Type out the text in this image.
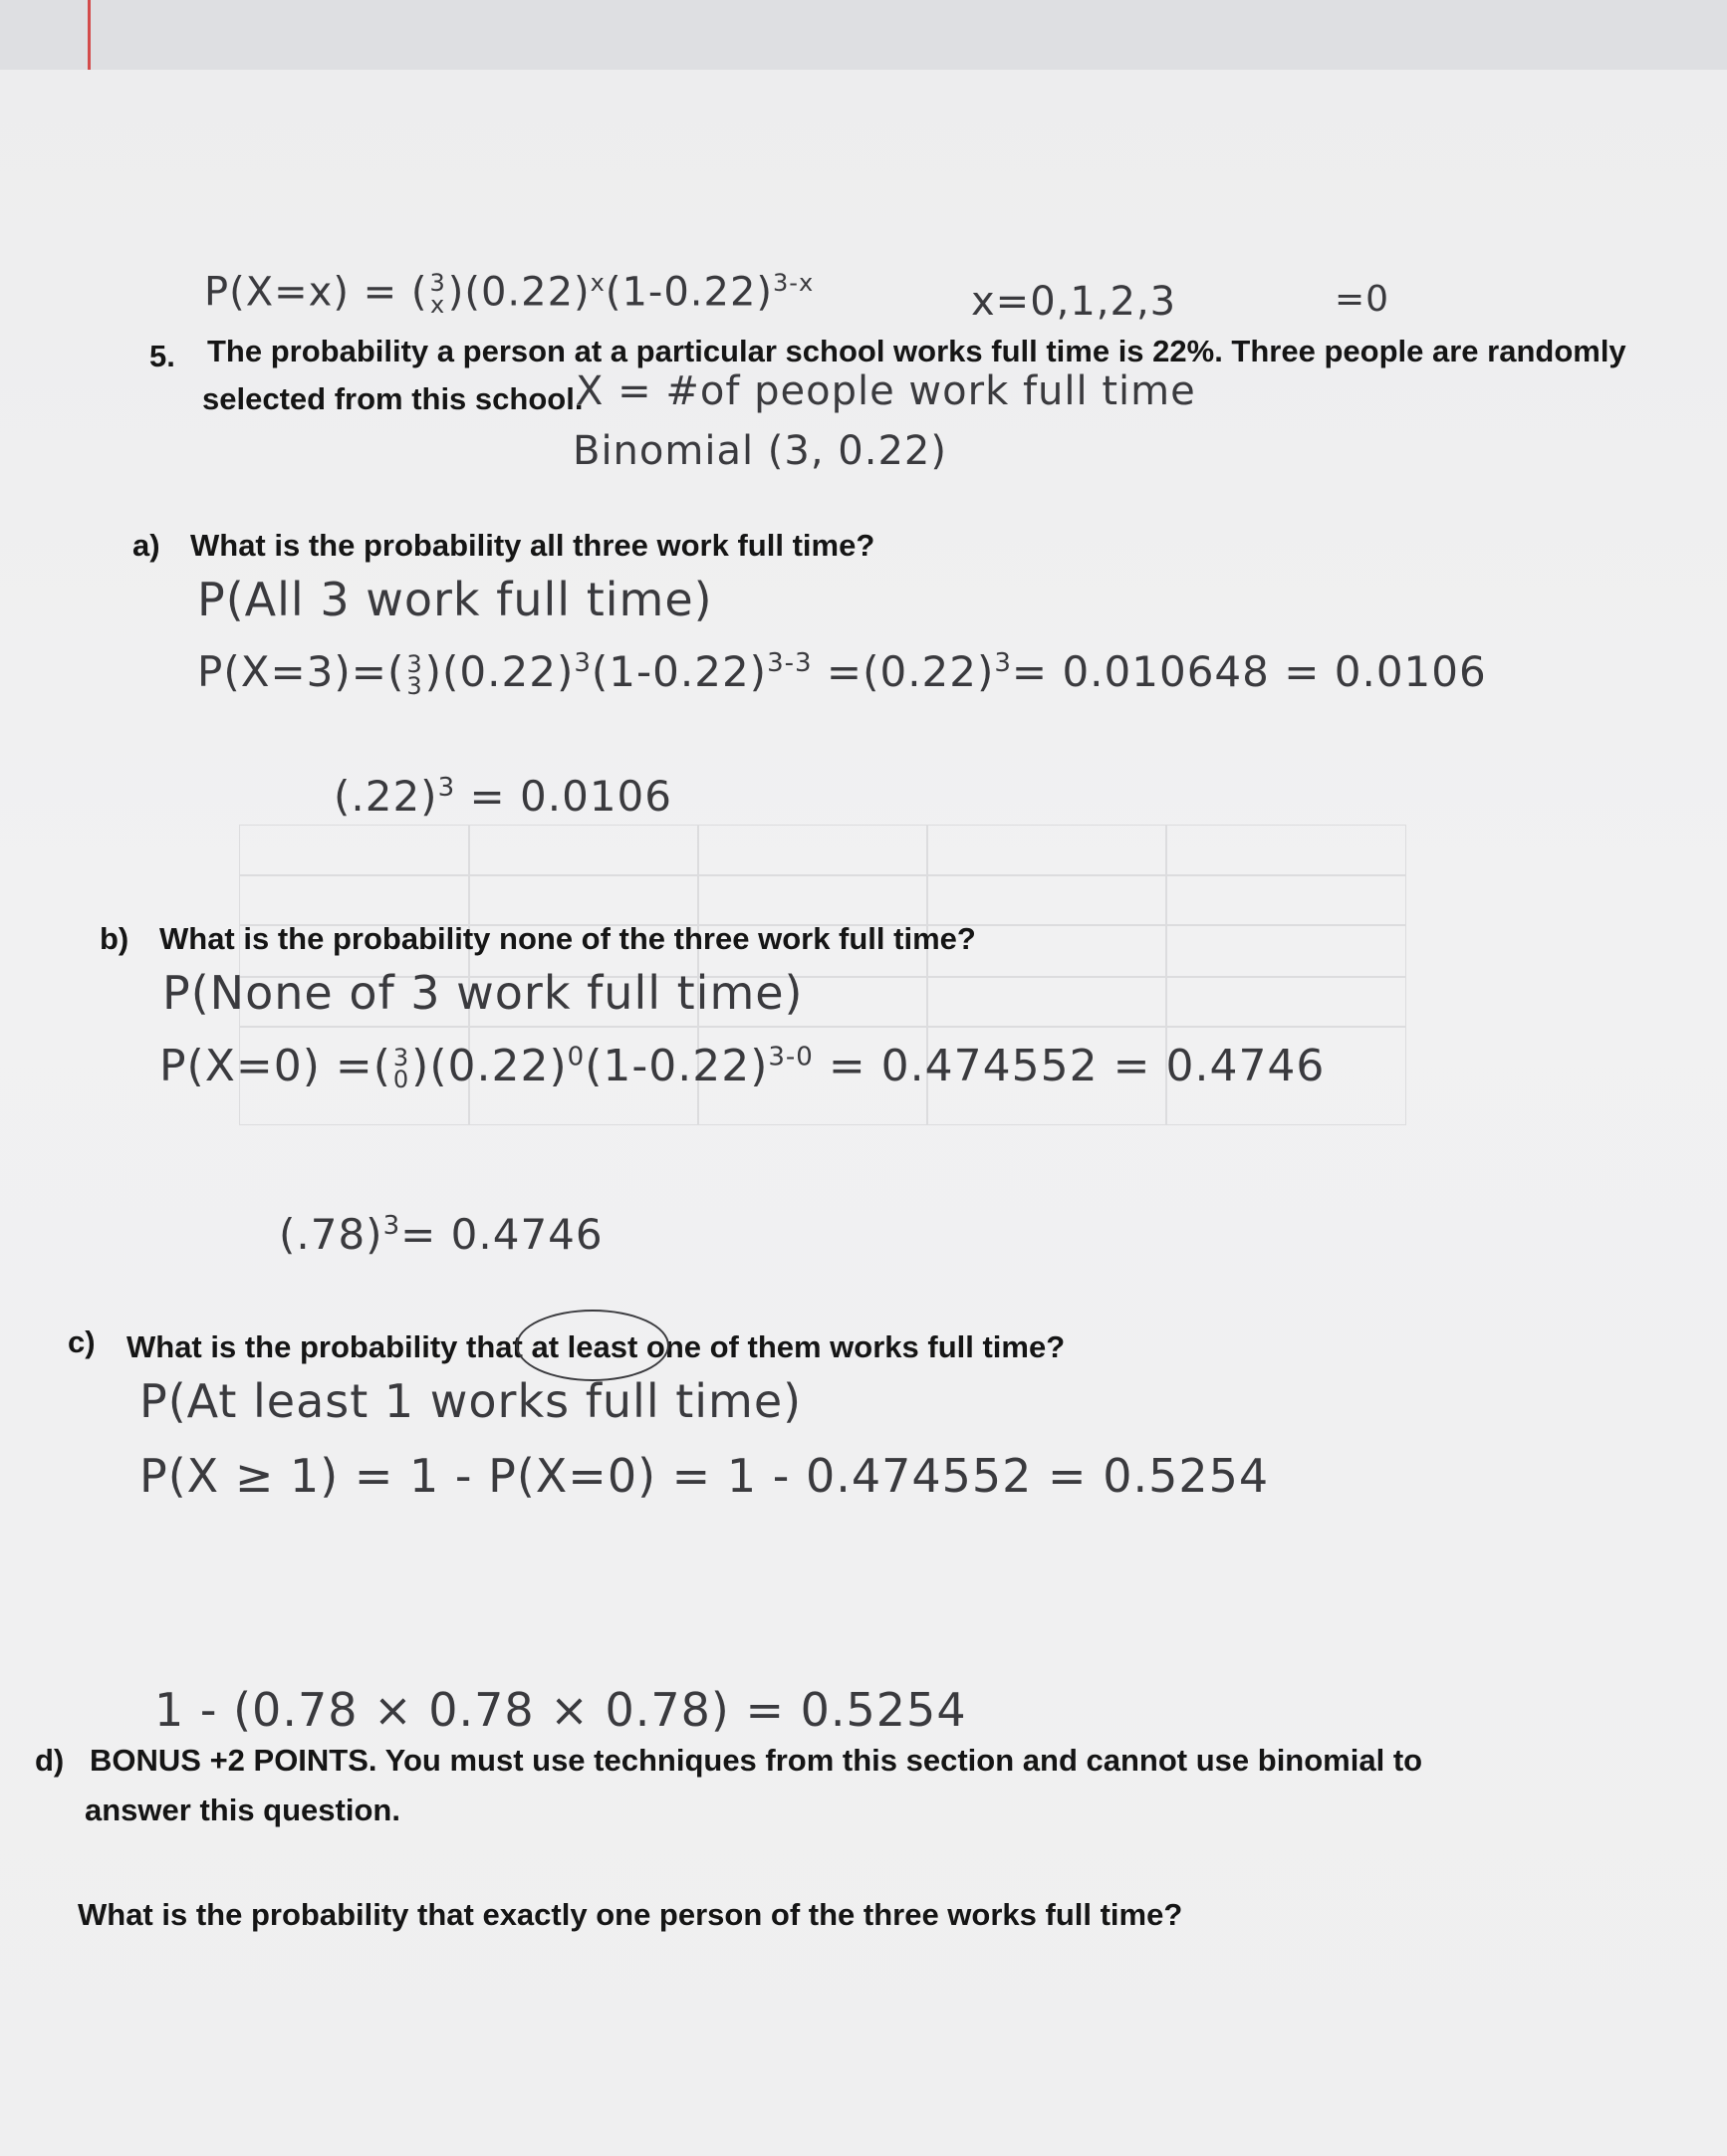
P(X=x) = (3
$x)(0.22)^x(1-0.22)^{3-x}$	x=0,1,2,3	=0
5. The probability a person at a particular school works full time is 22%. Three people are randomly
selected from this school.
X = #of people work full time
Binomial (3, 0.22)
a) What is the probability all three work full time?
P(All 3 work full time)
P(X=3)=(3
$3)(0.22)^3(1-0.22)^{3-3} =(0.22)^3= 0.010648 = 0.0106$
$(.22)^3 = 0.0106$
b) What is the probability none of the three work full time?
P(None of 3 work full time)
P(X=0) =(3
$0)(0.22)^0(1-0.22)^{3-0} = 0.474552 = 0.4746$
$(.78)^3= 0.4746$
c) What is the probability that at least one of them works full time?
P(At least 1 works full time)
P(X ≥ 1) = 1 - P(X=0) = 1 - 0.474552 = 0.5254
1 - (0.78 × 0.78 × 0.78) = 0.5254
d) BONUS +2 POINTS. You must use techniques from this section and cannot use binomial to
answer this question.
What is the probability that exactly one person of the three works full time?
